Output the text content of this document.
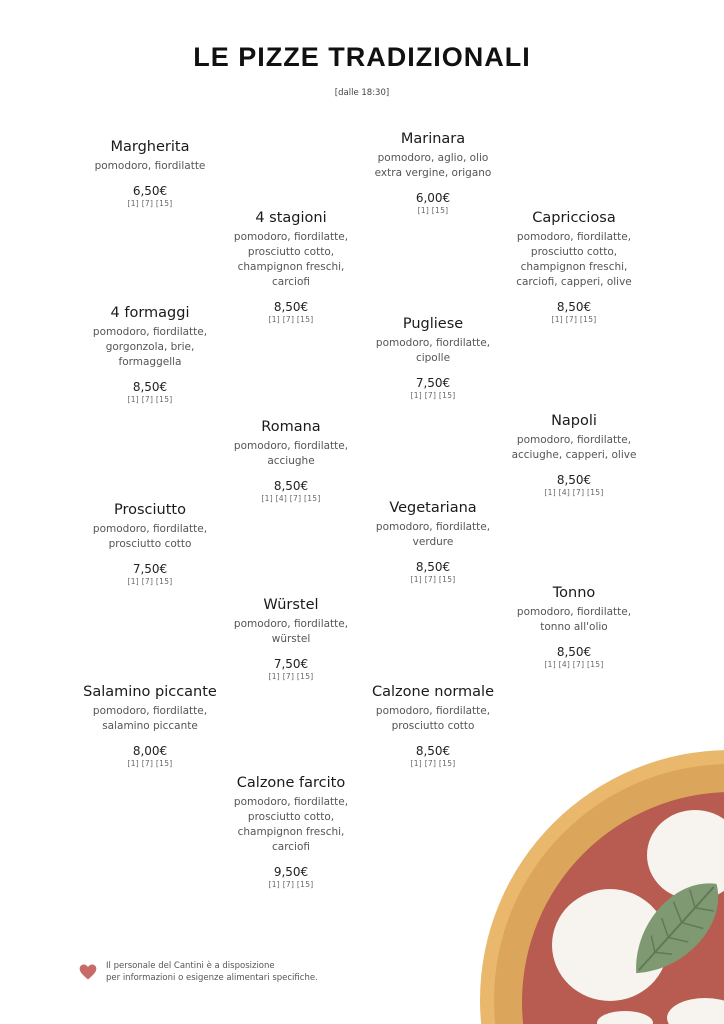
LE PIZZE TRADIZIONALI
[dalle 18:30]
Margherita
pomodoro, fiordilatte
6,50€
[1] [7] [15]
Marinara
pomodoro, aglio, olio extra vergine, origano
6,00€
[1] [15]
4 stagioni
pomodoro, fiordilatte, prosciutto cotto, champignon freschi, carciofi
8,50€
[1] [7] [15]
Capricciosa
pomodoro, fiordilatte, prosciutto cotto, champignon freschi, carciofi, capperi, olive
8,50€
[1] [7] [15]
4 formaggi
pomodoro, fiordilatte, gorgonzola, brie, formaggella
8,50€
[1] [7] [15]
Pugliese
pomodoro, fiordilatte, cipolle
7,50€
[1] [7] [15]
Romana
pomodoro, fiordilatte, acciughe
8,50€
[1] [4] [7] [15]
Napoli
pomodoro, fiordilatte, acciughe, capperi, olive
8,50€
[1] [4] [7] [15]
Prosciutto
pomodoro, fiordilatte, prosciutto cotto
7,50€
[1] [7] [15]
Vegetariana
pomodoro, fiordilatte, verdure
8,50€
[1] [7] [15]
Würstel
pomodoro, fiordilatte, würstel
7,50€
[1] [7] [15]
Tonno
pomodoro, fiordilatte, tonno all'olio
8,50€
[1] [4] [7] [15]
Salamino piccante
pomodoro, fiordilatte, salamino piccante
8,00€
[1] [7] [15]
Calzone normale
pomodoro, fiordilatte, prosciutto cotto
8,50€
[1] [7] [15]
Calzone farcito
pomodoro, fiordilatte, prosciutto cotto, champignon freschi, carciofi
9,50€
[1] [7] [15]
Il personale del Cantini è a disposizione
per informazioni o esigenze alimentari specifiche.
